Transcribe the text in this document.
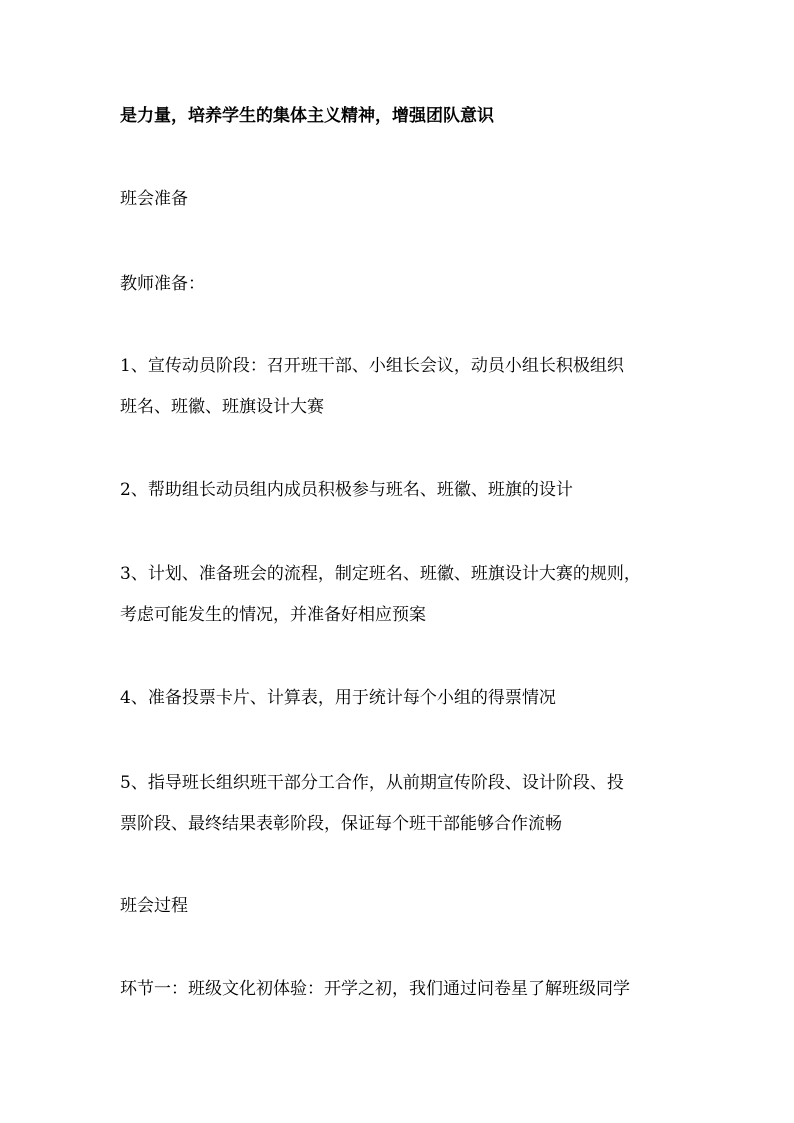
是力量，培养学生的集体主义精神，增强团队意识
班会准备
教师准备：
1、宣传动员阶段：召开班干部、小组长会议，动员小组长积极组织
班名、班徽、班旗设计大赛
2、帮助组长动员组内成员积极参与班名、班徽、班旗的设计
3、计划、准备班会的流程，制定班名、班徽、班旗设计大赛的规则，
考虑可能发生的情况，并准备好相应预案
4、准备投票卡片、计算表，用于统计每个小组的得票情况
5、指导班长组织班干部分工合作，从前期宣传阶段、设计阶段、投
票阶段、最终结果表彰阶段，保证每个班干部能够合作流畅
班会过程
环节一：班级文化初体验：开学之初，我们通过问卷星了解班级同学
